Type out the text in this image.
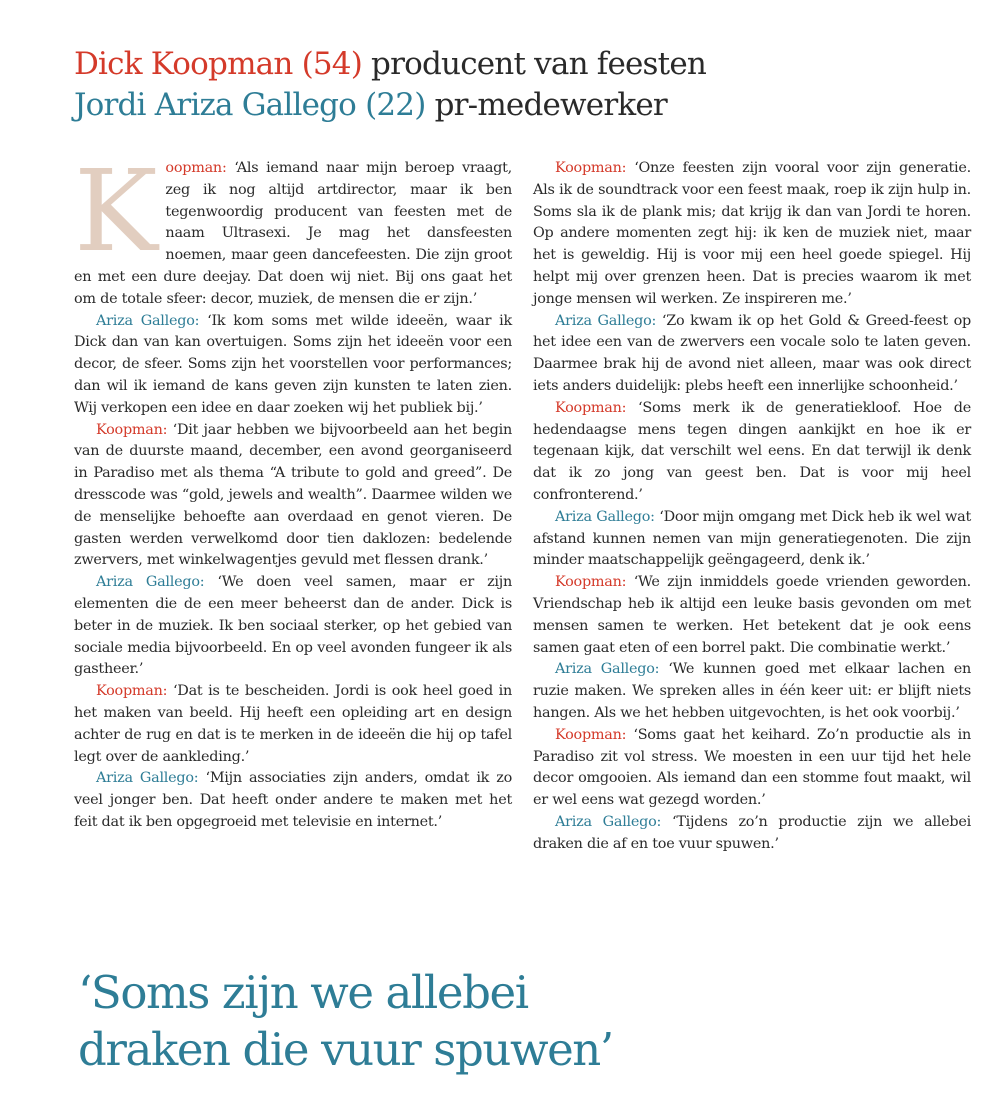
Dick Koopman (54) producent van feesten
Jordi Ariza Gallego (22) pr-medewerker

Koopman: ‘Als iemand naar mijn beroep vraagt, zeg ik nog altijd artdirector, maar ik ben tegenwoordig producent van feesten met de naam Ultrasexi. Je mag het dansfeesten noemen, maar geen dancefeesten. Die zijn groot en met een dure deejay. Dat doen wij niet. Bij ons gaat het om de totale sfeer: decor, muziek, de mensen die er zijn.’

Ariza Gallego: ‘Ik kom soms met wilde ideeën, waar ik Dick dan van kan overtuigen. Soms zijn het ideeën voor een decor, de sfeer. Soms zijn het voorstellen voor performances; dan wil ik iemand de kans geven zijn kunsten te laten zien. Wij verkopen een idee en daar zoeken wij het publiek bij.’

Koopman: ‘Dit jaar hebben we bijvoorbeeld aan het begin van de duurste maand, december, een avond georganiseerd in Paradiso met als thema “A tribute to gold and greed”. De dresscode was “gold, jewels and wealth”. Daarmee wilden we de menselijke behoefte aan overdaad en genot vieren. De gasten werden verwelkomd door tien daklozen: bedelende zwervers, met winkelwagentjes gevuld met flessen drank.’

Ariza Gallego: ‘We doen veel samen, maar er zijn elementen die de een meer beheerst dan de ander. Dick is beter in de muziek. Ik ben sociaal sterker, op het gebied van sociale media bijvoorbeeld. En op veel avonden fungeer ik als gastheer.’

Koopman: ‘Dat is te bescheiden. Jordi is ook heel goed in het maken van beeld. Hij heeft een opleiding art en design achter de rug en dat is te merken in de ideeën die hij op tafel legt over de aankleding.’

Ariza Gallego: ‘Mijn associaties zijn anders, omdat ik zo veel jonger ben. Dat heeft onder andere te maken met het feit dat ik ben opgegroeid met televisie en internet.’

Koopman: ‘Onze feesten zijn vooral voor zijn generatie. Als ik de soundtrack voor een feest maak, roep ik zijn hulp in. Soms sla ik de plank mis; dat krijg ik dan van Jordi te horen. Op andere momenten zegt hij: ik ken de muziek niet, maar het is geweldig. Hij is voor mij een heel goede spiegel. Hij helpt mij over grenzen heen. Dat is precies waarom ik met jonge mensen wil werken. Ze inspireren me.’

Ariza Gallego: ‘Zo kwam ik op het Gold & Greed-feest op het idee een van de zwervers een vocale solo te laten geven. Daarmee brak hij de avond niet alleen, maar was ook direct iets anders duidelijk: plebs heeft een innerlijke schoonheid.’

Koopman: ‘Soms merk ik de generatiekloof. Hoe de hedendaagse mens tegen dingen aankijkt en hoe ik er tegenaan kijk, dat verschilt wel eens. En dat terwijl ik denk dat ik zo jong van geest ben. Dat is voor mij heel confronterend.’

Ariza Gallego: ‘Door mijn omgang met Dick heb ik wel wat afstand kunnen nemen van mijn generatiegenoten. Die zijn minder maatschappelijk geëngageerd, denk ik.’

Koopman: ‘We zijn inmiddels goede vrienden geworden. Vriendschap heb ik altijd een leuke basis gevonden om met mensen samen te werken. Het betekent dat je ook eens samen gaat eten of een borrel pakt. Die combinatie werkt.’

Ariza Gallego: ‘We kunnen goed met elkaar lachen en ruzie maken. We spreken alles in één keer uit: er blijft niets hangen. Als we het hebben uitgevochten, is het ook voorbij.’

Koopman: ‘Soms gaat het keihard. Zo’n productie als in Paradiso zit vol stress. We moesten in een uur tijd het hele decor omgooien. Als iemand dan een stomme fout maakt, wil er wel eens wat gezegd worden.’

Ariza Gallego: ‘Tijdens zo’n productie zijn we allebei draken die af en toe vuur spuwen.’

‘Soms zijn we allebei
draken die vuur spuwen’
